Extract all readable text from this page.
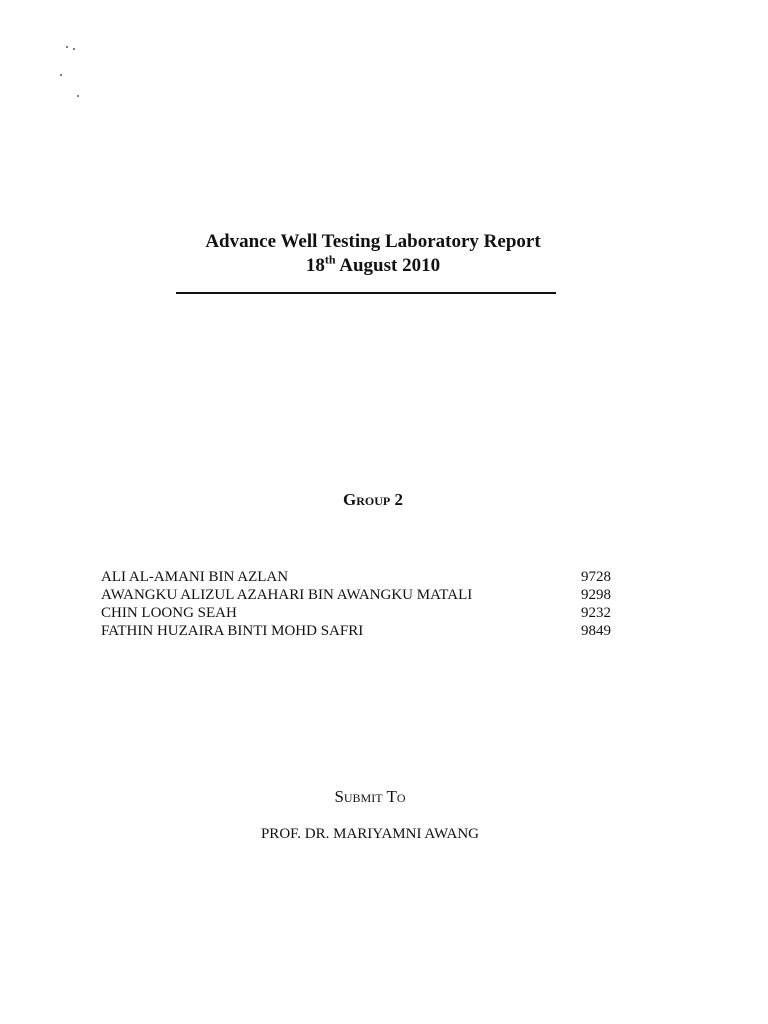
Advance Well Testing Laboratory Report
18th August 2010
Group 2
ALI AL-AMANI BIN AZLAN	9728
AWANGKU ALIZUL AZAHARI BIN AWANGKU MATALI	9298
CHIN LOONG SEAH	9232
FATHIN HUZAIRA BINTI MOHD SAFRI	9849
Submit To
PROF. DR. MARIYAMNI AWANG
